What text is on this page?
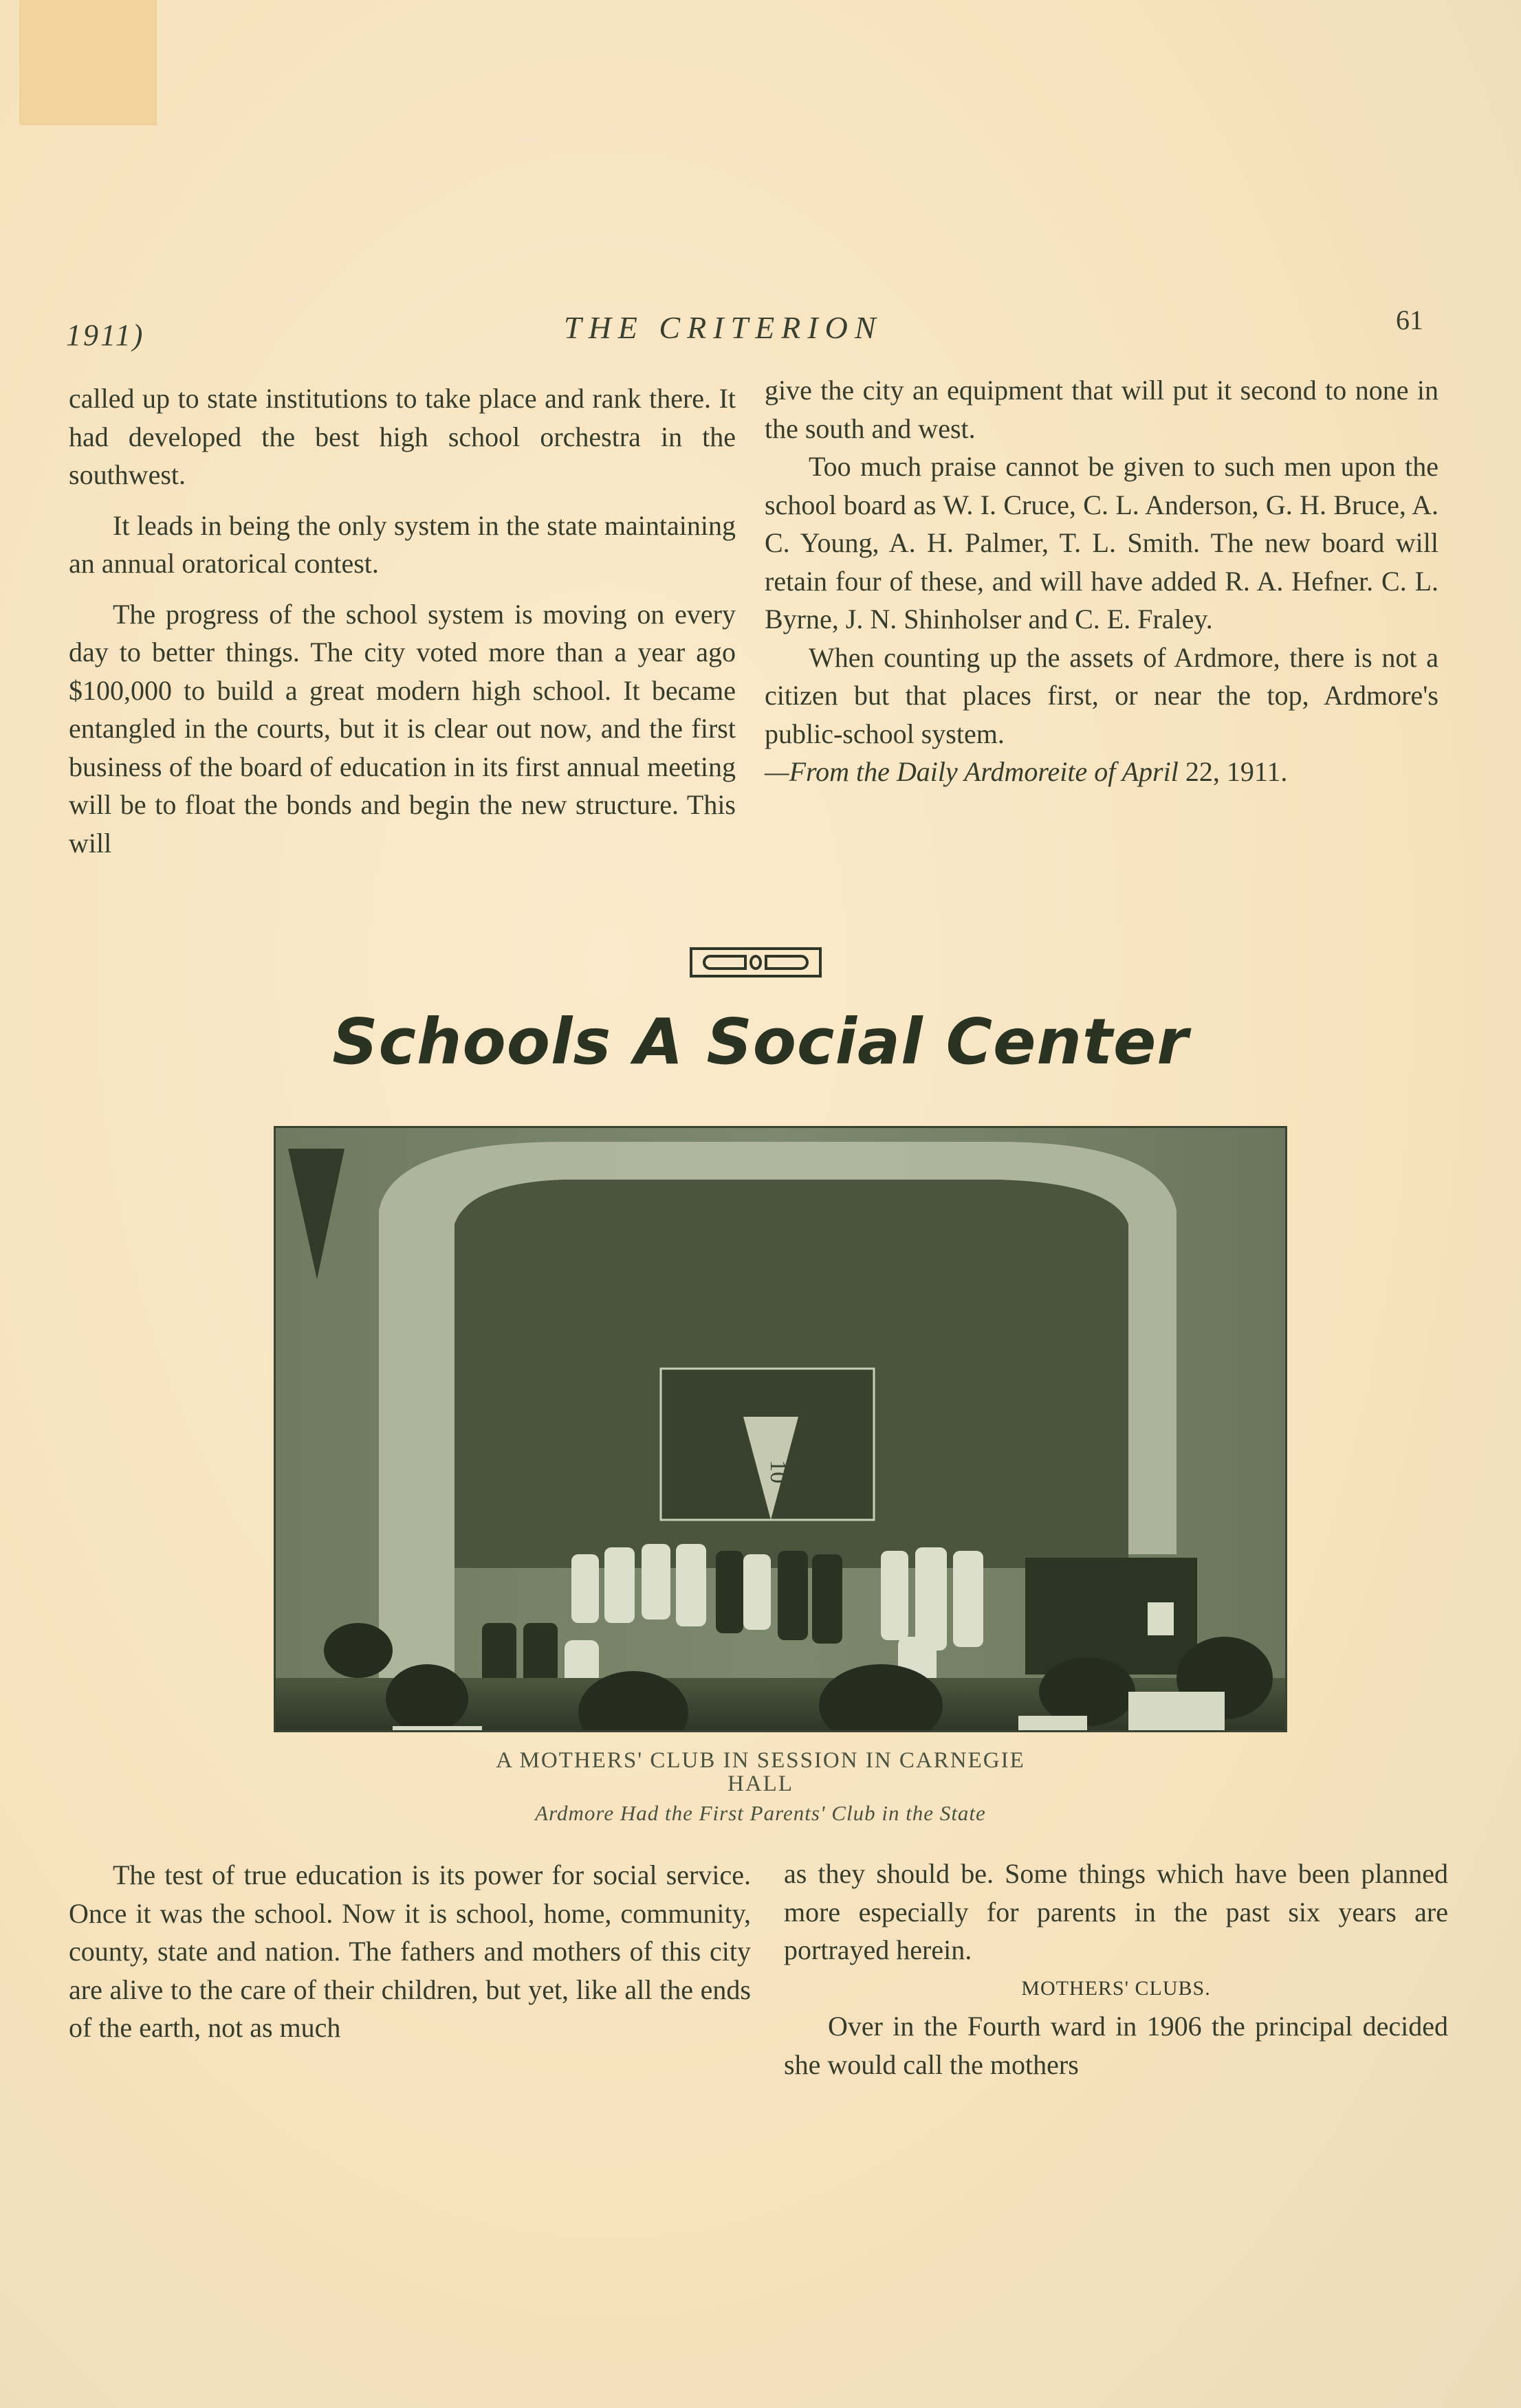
1911)	THE CRITERION	61

called up to state institutions to take place and rank there. It had developed the best high school orchestra in the southwest.

It leads in being the only system in the state maintaining an annual oratorical contest.

The progress of the school system is moving on every day to better things. The city voted more than a year ago $100,000 to build a great modern high school. It became entangled in the courts, but it is clear out now, and the first business of the board of education in its first annual meeting will be to float the bonds and begin the new structure. This will

give the city an equipment that will put it second to none in the south and west.

Too much praise cannot be given to such men upon the school board as W. I. Cruce, C. L. Anderson, G. H. Bruce, A. C. Young, A. H. Palmer, T. L. Smith. The new board will retain four of these, and will have added R. A. Hefner. C. L. Byrne, J. N. Shinholser and C. E. Fraley.

When counting up the assets of Ardmore, there is not a citizen but that places first, or near the top, Ardmore's public-school system.

—From the Daily Ardmoreite of April 22, 1911.

Schools A Social Center
10
A MOTHERS' CLUB IN SESSION IN CARNEGIE
HALL
Ardmore Had the First Parents' Club in the State

The test of true education is its power for social service. Once it was the school. Now it is school, home, community, county, state and nation. The fathers and mothers of this city are alive to the care of their children, but yet, like all the ends of the earth, not as much

as they should be. Some things which have been planned more especially for parents in the past six years are portrayed herein.

MOTHERS' CLUBS.

Over in the Fourth ward in 1906 the principal decided she would call the mothers
